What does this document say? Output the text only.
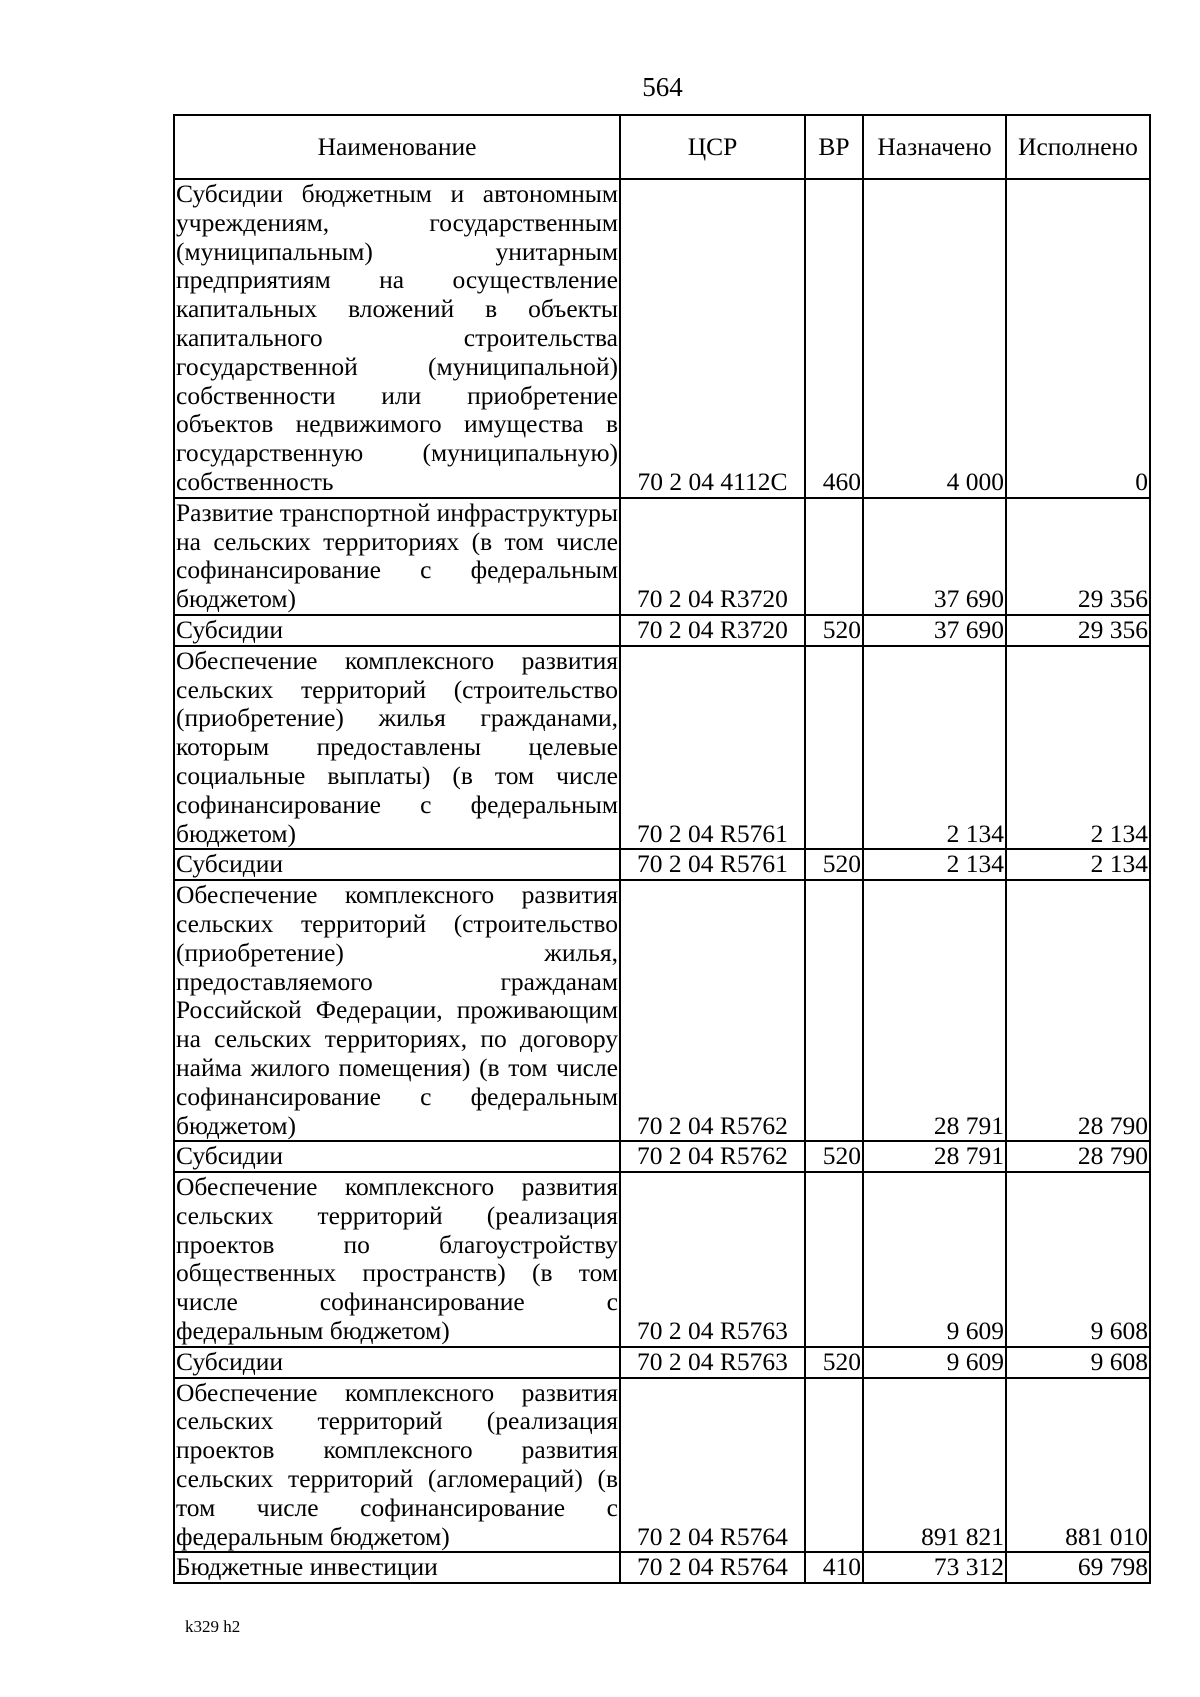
564
Наименование	ЦСР	ВР	Назначено	Исполнено
Субсидии бюджетным и автономным учреждениям, государственным (муниципальным) унитарным предприятиям на осуществление капитальных вложений в объекты капитального строительства государственной (муниципальной) собственности или приобретение объектов недвижимого имущества в государственную (муниципальную) собственность	70 2 04 4112С	460	4 000	0
Развитие транспортной инфраструктуры на сельских территориях (в том числе софинансирование с федеральным бюджетом)	70 2 04 R3720		37 690	29 356
Субсидии	70 2 04 R3720	520	37 690	29 356
Обеспечение комплексного развития сельских территорий (строительство (приобретение) жилья гражданами, которым предоставлены целевые социальные выплаты) (в том числе софинансирование с федеральным бюджетом)	70 2 04 R5761		2 134	2 134
Субсидии	70 2 04 R5761	520	2 134	2 134
Обеспечение комплексного развития сельских территорий (строительство (приобретение) жилья, предоставляемого гражданам Российской Федерации, проживающим на сельских территориях, по договору найма жилого помещения) (в том числе софинансирование с федеральным бюджетом)	70 2 04 R5762		28 791	28 790
Субсидии	70 2 04 R5762	520	28 791	28 790
Обеспечение комплексного развития сельских территорий (реализация проектов по благоустройству общественных пространств) (в том числе софинансирование с федеральным бюджетом)	70 2 04 R5763		9 609	9 608
Субсидии	70 2 04 R5763	520	9 609	9 608
Обеспечение комплексного развития сельских территорий (реализация проектов комплексного развития сельских территорий (агломераций) (в том числе софинансирование с федеральным бюджетом)	70 2 04 R5764		891 821	881 010
Бюджетные инвестиции	70 2 04 R5764	410	73 312	69 798
k329 h2
